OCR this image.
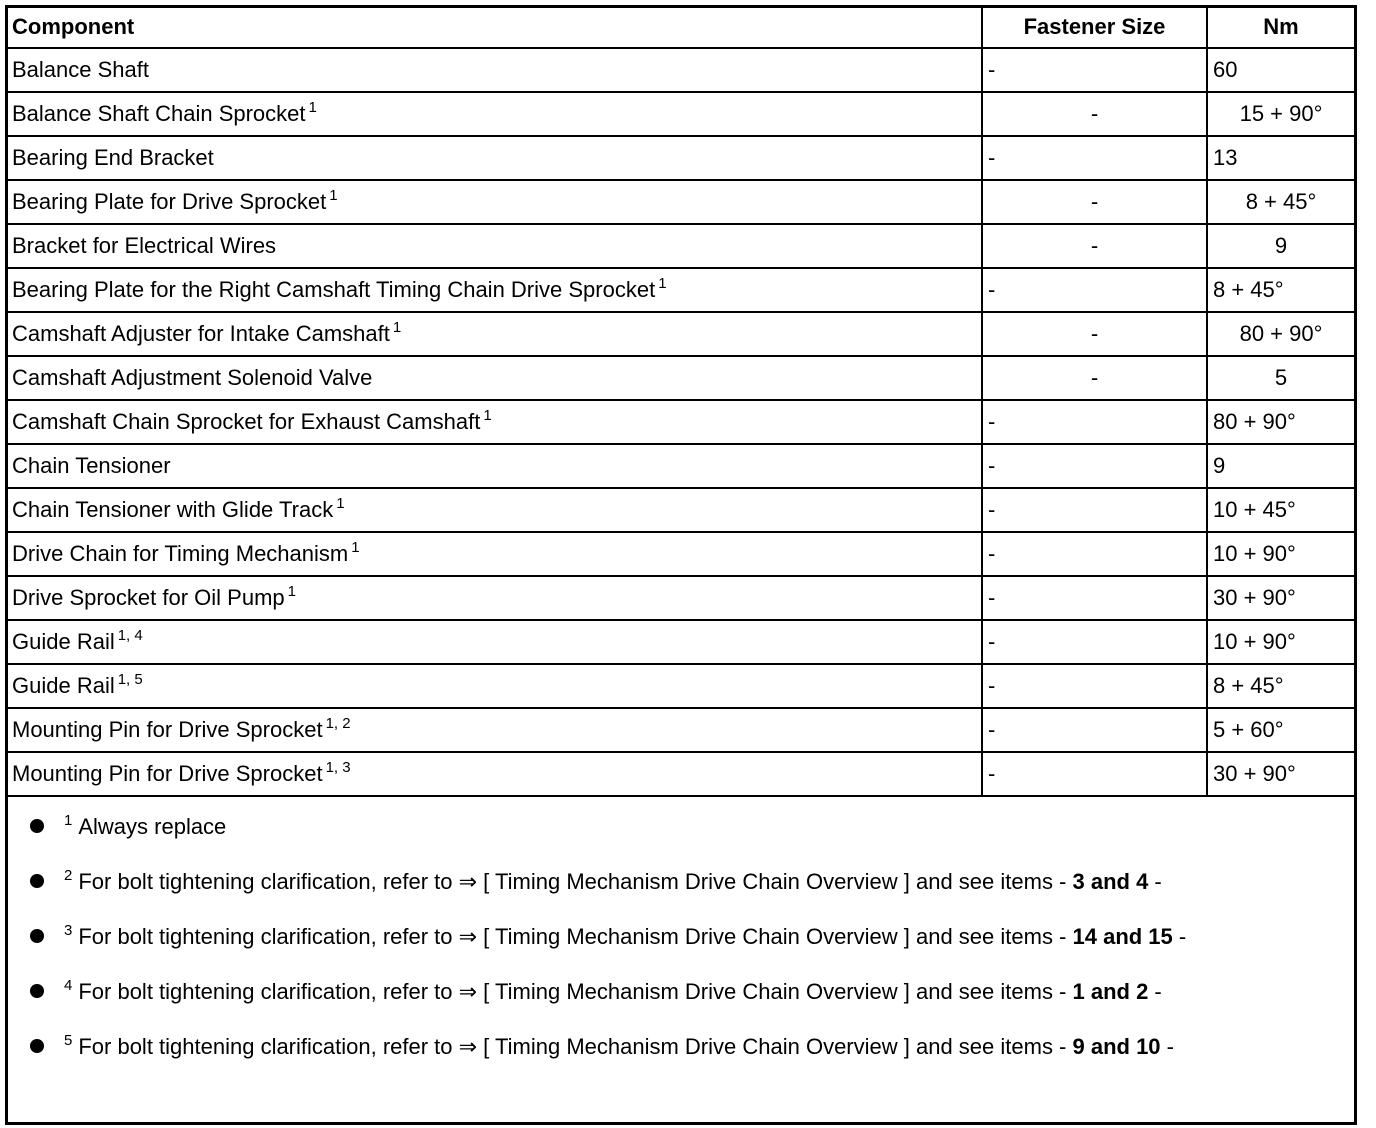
Component	Fastener Size	Nm
Balance Shaft	-	60
Balance Shaft Chain Sprocket $^1$	-	15 + 90°
Bearing End Bracket	-	13
Bearing Plate for Drive Sprocket $^1$	-	8 + 45°
Bracket for Electrical Wires	-	9
Bearing Plate for the Right Camshaft Timing Chain Drive Sprocket $^1$	-	8 + 45°
Camshaft Adjuster for Intake Camshaft $^1$	-	80 + 90°
Camshaft Adjustment Solenoid Valve	-	5
Camshaft Chain Sprocket for Exhaust Camshaft $^1$	-	80 + 90°
Chain Tensioner	-	9
Chain Tensioner with Glide Track $^1$	-	10 + 45°
Drive Chain for Timing Mechanism $^1$	-	10 + 90°
Drive Sprocket for Oil Pump $^1$	-	30 + 90°
Guide Rail $^{1, 4}$	-	10 + 90°
Guide Rail $^{1, 5}$	-	8 + 45°
Mounting Pin for Drive Sprocket $^{1, 2}$	-	5 + 60°
Mounting Pin for Drive Sprocket $^{1, 3}$	-	30 + 90°
$^1$ Always replace
$^2$ For bolt tightening clarification, refer to ⇒ [ Timing Mechanism Drive Chain Overview ] and see items - 3 and 4 -
$^3$ For bolt tightening clarification, refer to ⇒ [ Timing Mechanism Drive Chain Overview ] and see items - 14 and 15 -
$^4$ For bolt tightening clarification, refer to ⇒ [ Timing Mechanism Drive Chain Overview ] and see items - 1 and 2 -
$^5$ For bolt tightening clarification, refer to ⇒ [ Timing Mechanism Drive Chain Overview ] and see items - 9 and 10 -
